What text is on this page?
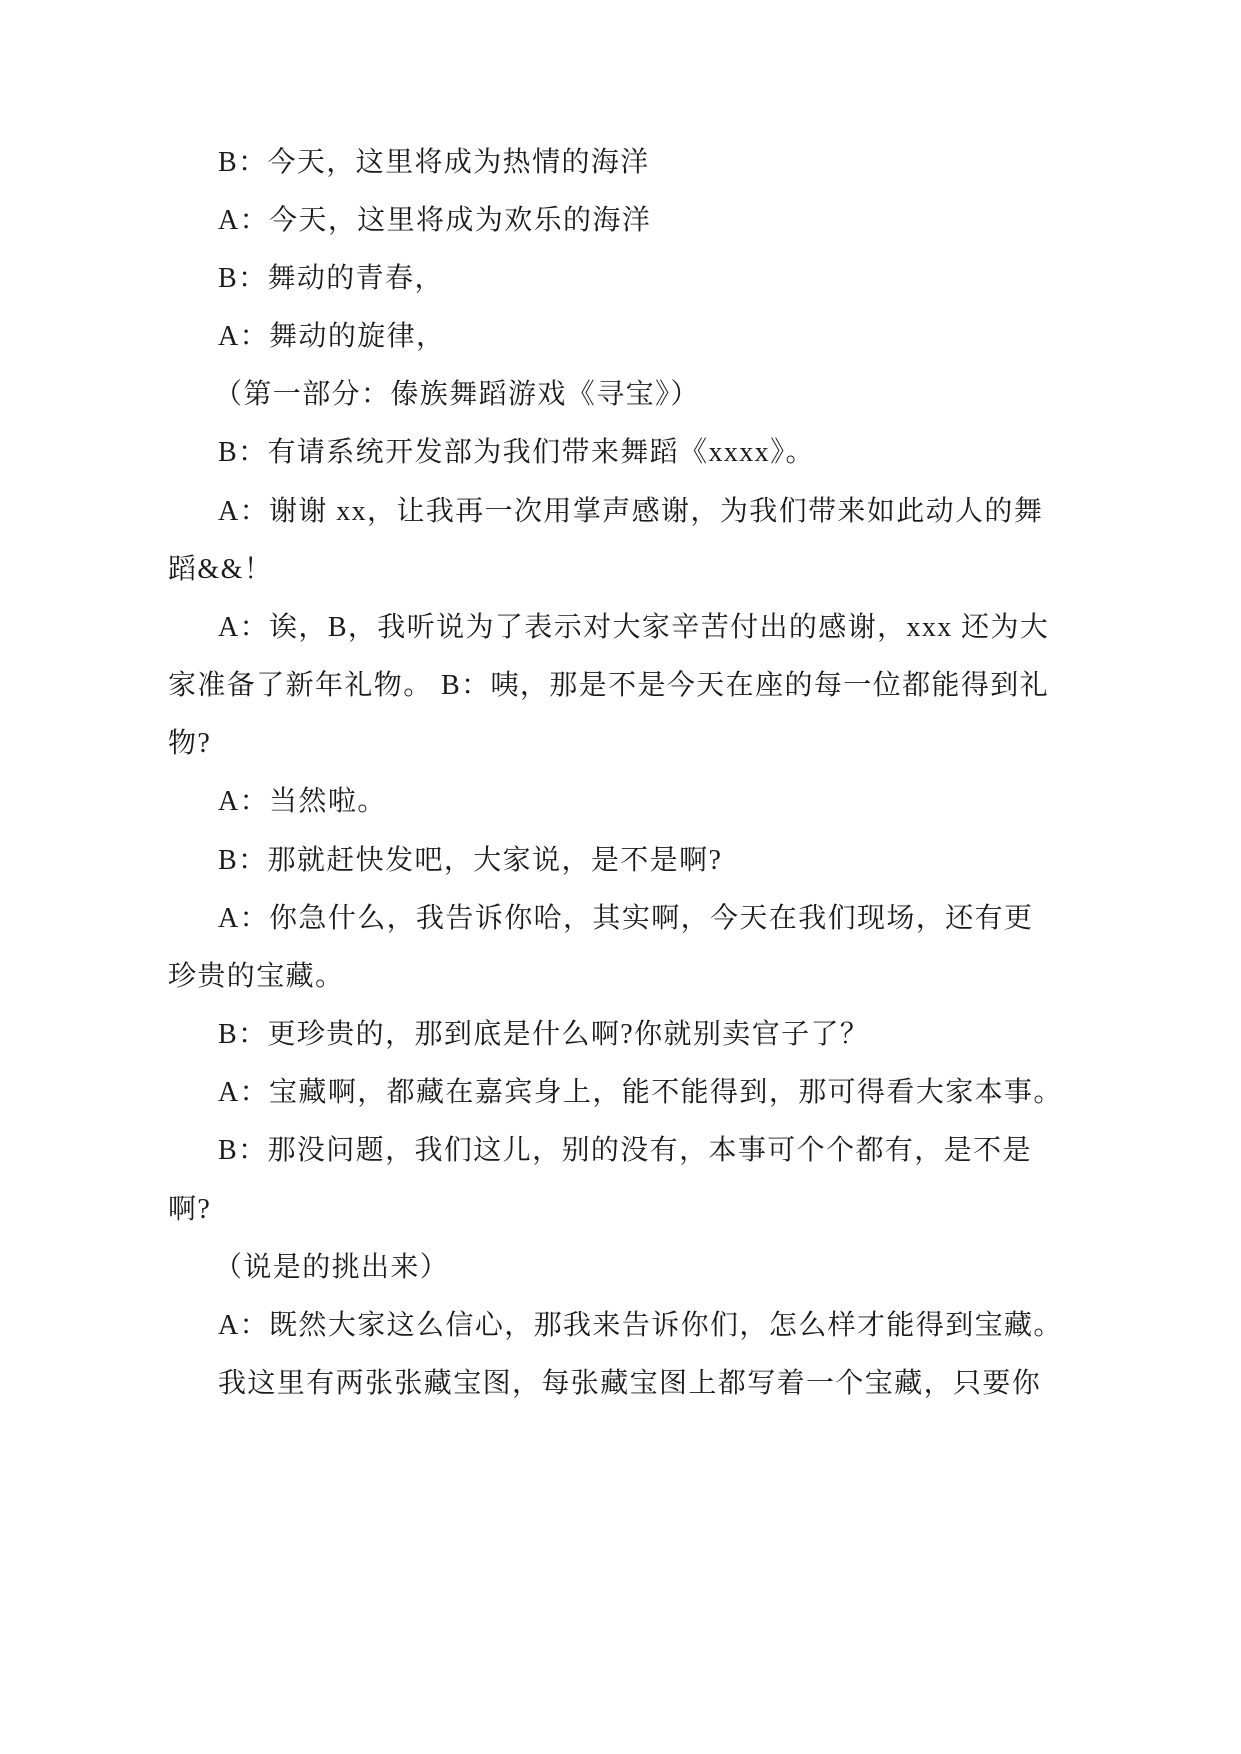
B：今天，这里将成为热情的海洋
A：今天，这里将成为欢乐的海洋
B：舞动的青春，
A：舞动的旋律，
（第一部分：傣族舞蹈游戏《寻宝》）
B：有请系统开发部为我们带来舞蹈《xxxx》。
A：谢谢 xx，让我再一次用掌声感谢，为我们带来如此动人的舞
蹈&&！
A：诶，B，我听说为了表示对大家辛苦付出的感谢，xxx 还为大
家准备了新年礼物。 B：咦，那是不是今天在座的每一位都能得到礼
物?
A：当然啦。
B：那就赶快发吧，大家说，是不是啊?
A：你急什么，我告诉你哈，其实啊，今天在我们现场，还有更
珍贵的宝藏。
B：更珍贵的，那到底是什么啊?你就别卖官子了？
A：宝藏啊，都藏在嘉宾身上，能不能得到，那可得看大家本事。
B：那没问题，我们这儿，别的没有，本事可个个都有，是不是
啊?
（说是的挑出来）
A：既然大家这么信心，那我来告诉你们，怎么样才能得到宝藏。
我这里有两张张藏宝图，每张藏宝图上都写着一个宝藏，只要你
